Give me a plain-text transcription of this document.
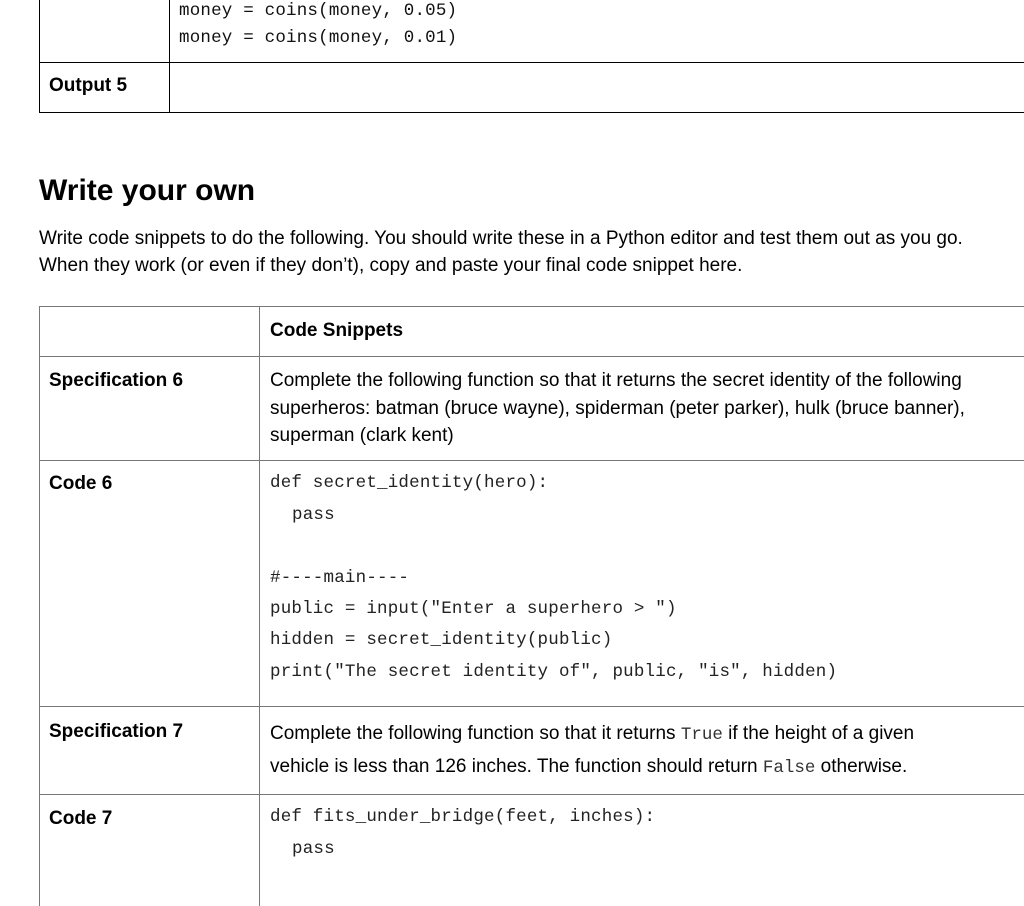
money = coins(money, 0.05)
money = coins(money, 0.01)
Output 5
Write your own
Write code snippets to do the following. You should write these in a Python editor and test them out as you go.
When they work (or even if they don’t), copy and paste your final code snippet here.
Code Snippets
Specification 6	Complete the following function so that it returns the secret identity of the following
superheros: batman (bruce wayne), spiderman (peter parker), hulk (bruce banner),
superman (clark kent)
Code 6	def secret_identity(hero):
pass
#----main----
public = input("Enter a superhero > ")
hidden = secret_identity(public)
print("The secret identity of", public, "is", hidden)
Specification 7	Complete the following function so that it returns True if the height of a given
vehicle is less than 126 inches. The function should return False otherwise.
Code 7	def fits_under_bridge(feet, inches):
pass
